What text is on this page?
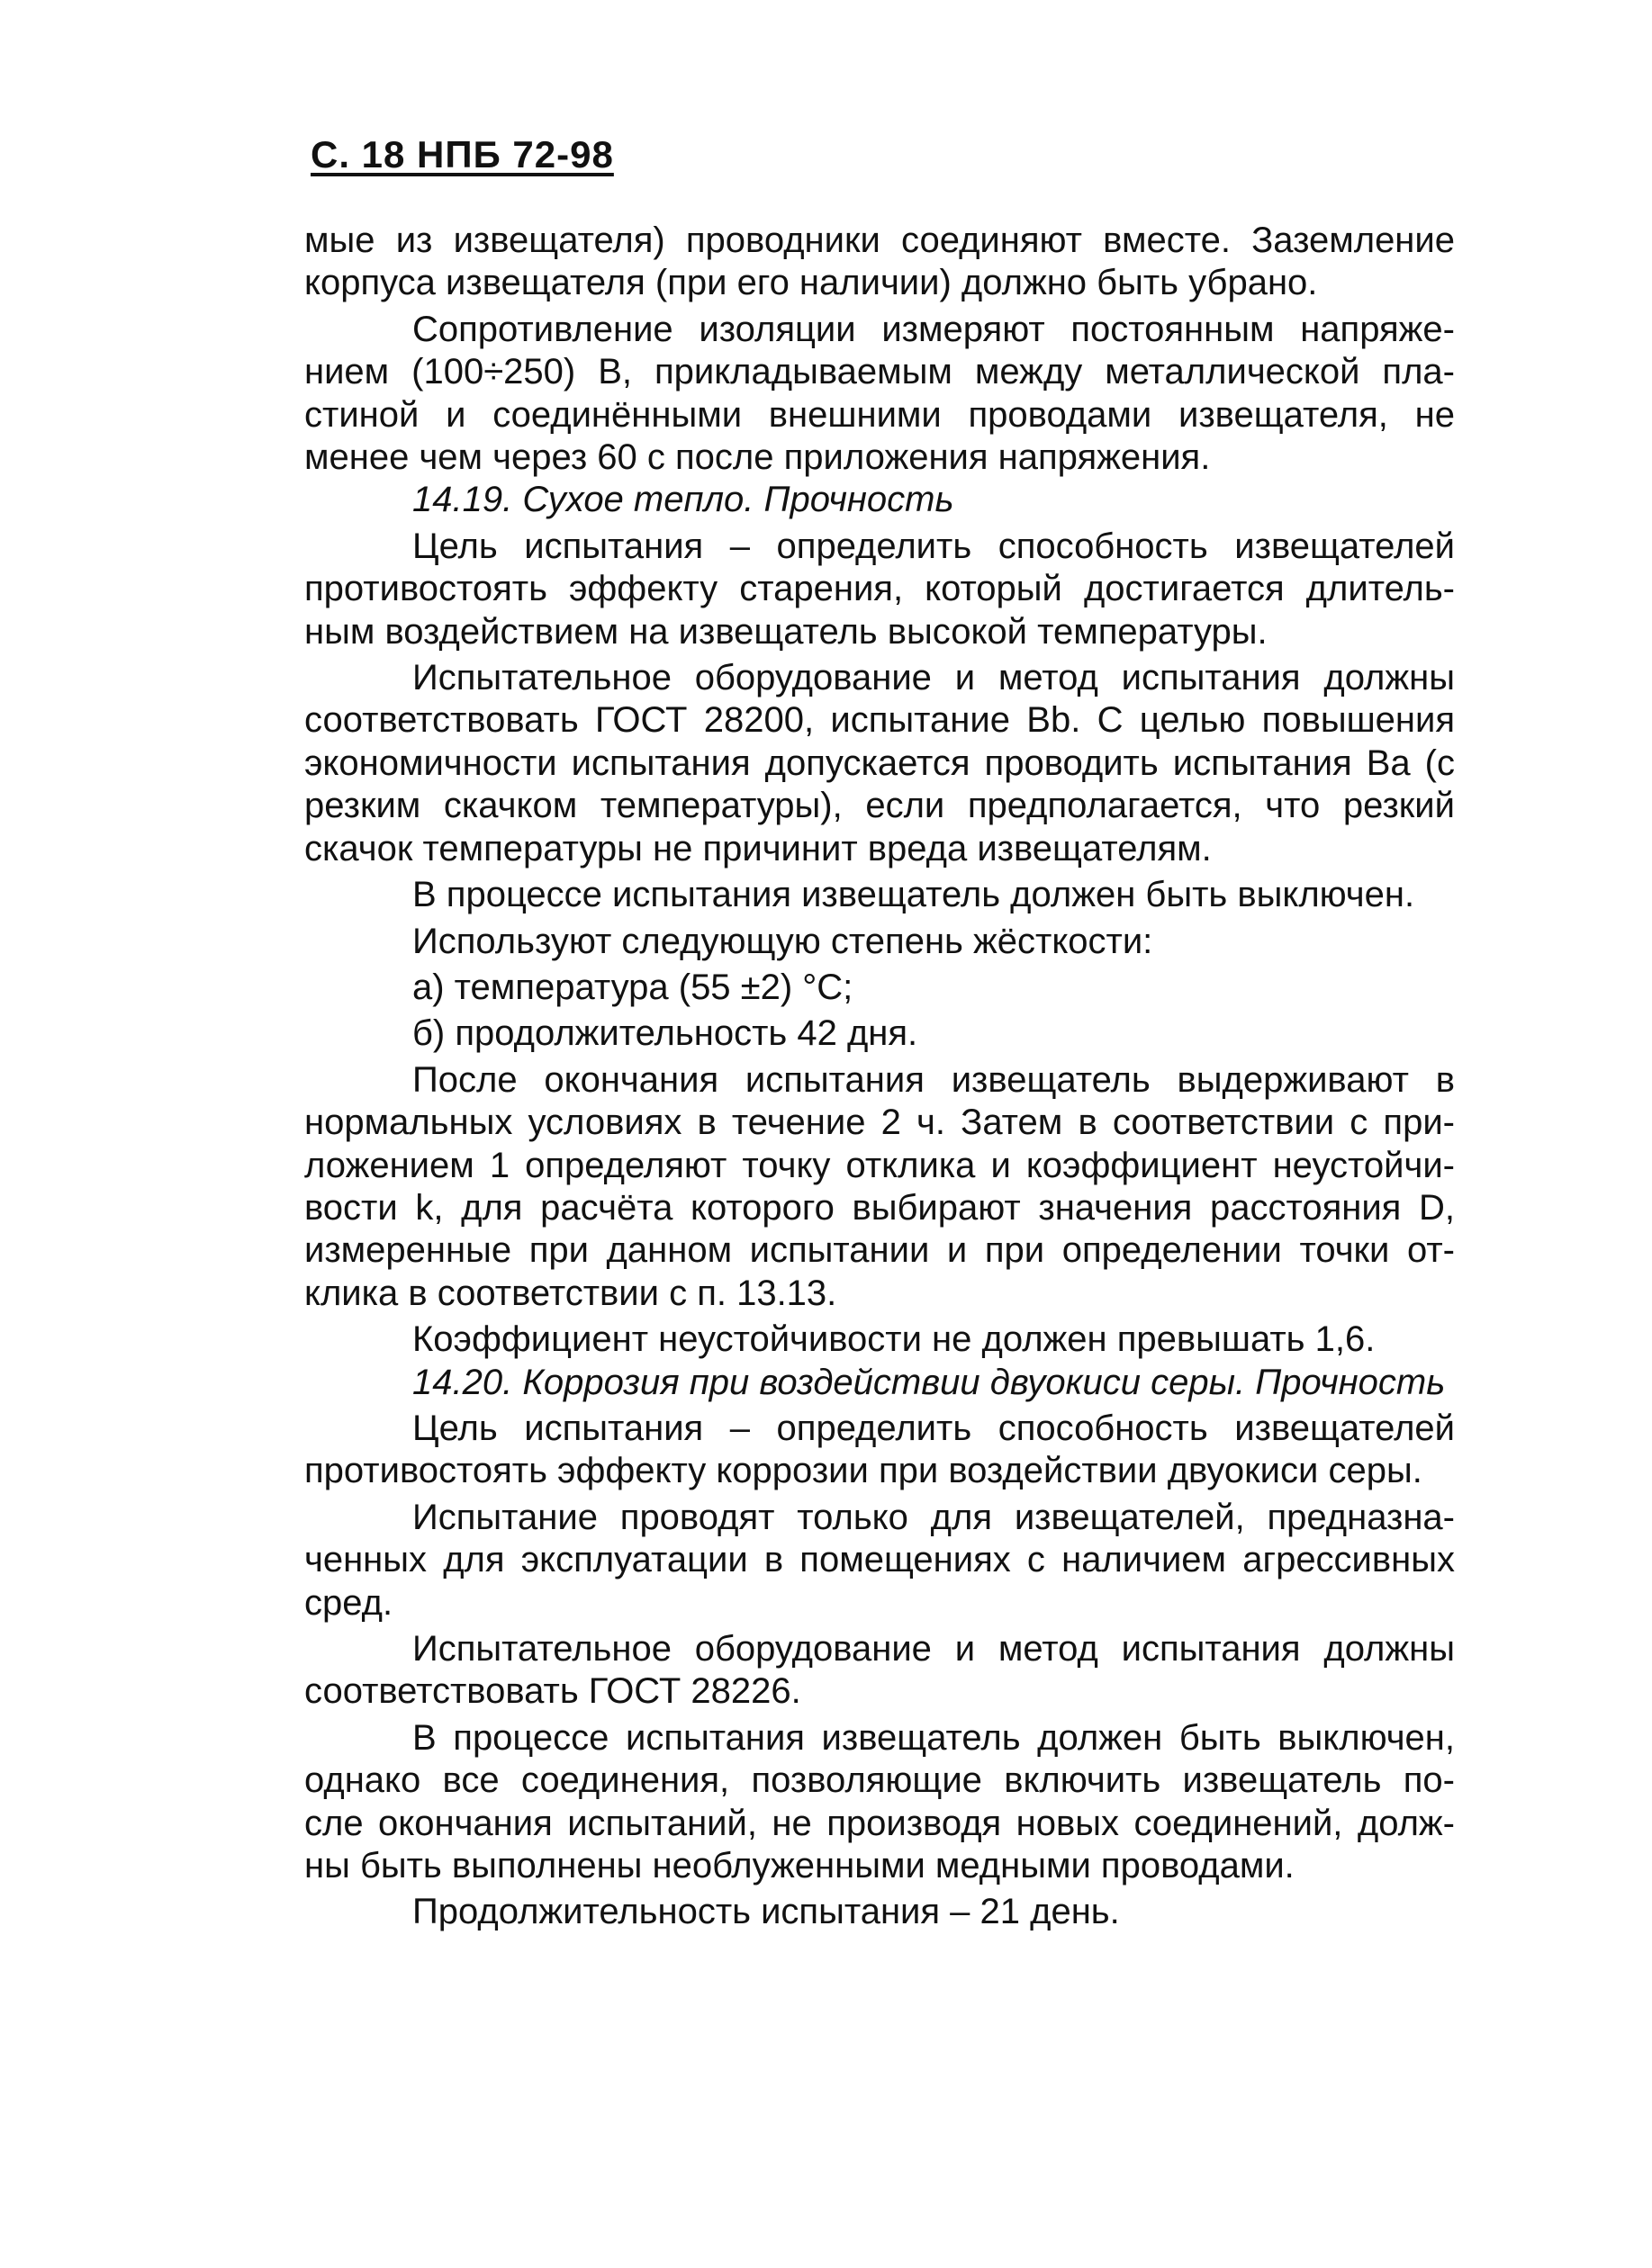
С. 18 НПБ 72-98
мые из извещателя) проводники соединяют вместе. Заземление
корпуса извещателя (при его наличии) должно быть убрано.
Сопротивление изоляции измеряют постоянным напряже-
нием (100÷250) В, прикладываемым между металлической пла-
стиной и соединёнными внешними проводами извещателя, не
менее чем через 60 с после приложения напряжения.
14.19. Сухое тепло. Прочность
Цель испытания – определить способность извещателей
противостоять эффекту старения, который достигается длитель-
ным воздействием на извещатель высокой температуры.
Испытательное оборудование и метод испытания должны
соответствовать ГОСТ 28200, испытание Bb. С целью повышения
экономичности испытания допускается проводить испытания Ba (с
резким скачком температуры), если предполагается, что резкий
скачок температуры не причинит вреда извещателям.
В процессе испытания извещатель должен быть выключен.
Используют следующую степень жёсткости:
а) температура (55 ±2) °С;
б) продолжительность 42 дня.
После окончания испытания извещатель выдерживают в
нормальных условиях в течение 2 ч. Затем в соответствии с при-
ложением 1 определяют точку отклика и коэффициент неустойчи-
вости k, для расчёта которого выбирают значения расстояния D,
измеренные при данном испытании и при определении точки от-
клика в соответствии с п. 13.13.
Коэффициент неустойчивости не должен превышать 1,6.
14.20. Коррозия при воздействии двуокиси серы. Прочность
Цель испытания – определить способность извещателей
противостоять эффекту коррозии при воздействии двуокиси серы.
Испытание проводят только для извещателей, предназна-
ченных для эксплуатации в помещениях с наличием агрессивных
сред.
Испытательное оборудование и метод испытания должны
соответствовать ГОСТ 28226.
В процессе испытания извещатель должен быть выключен,
однако все соединения, позволяющие включить извещатель по-
сле окончания испытаний, не производя новых соединений, долж-
ны быть выполнены необлуженными медными проводами.
Продолжительность испытания – 21 день.
